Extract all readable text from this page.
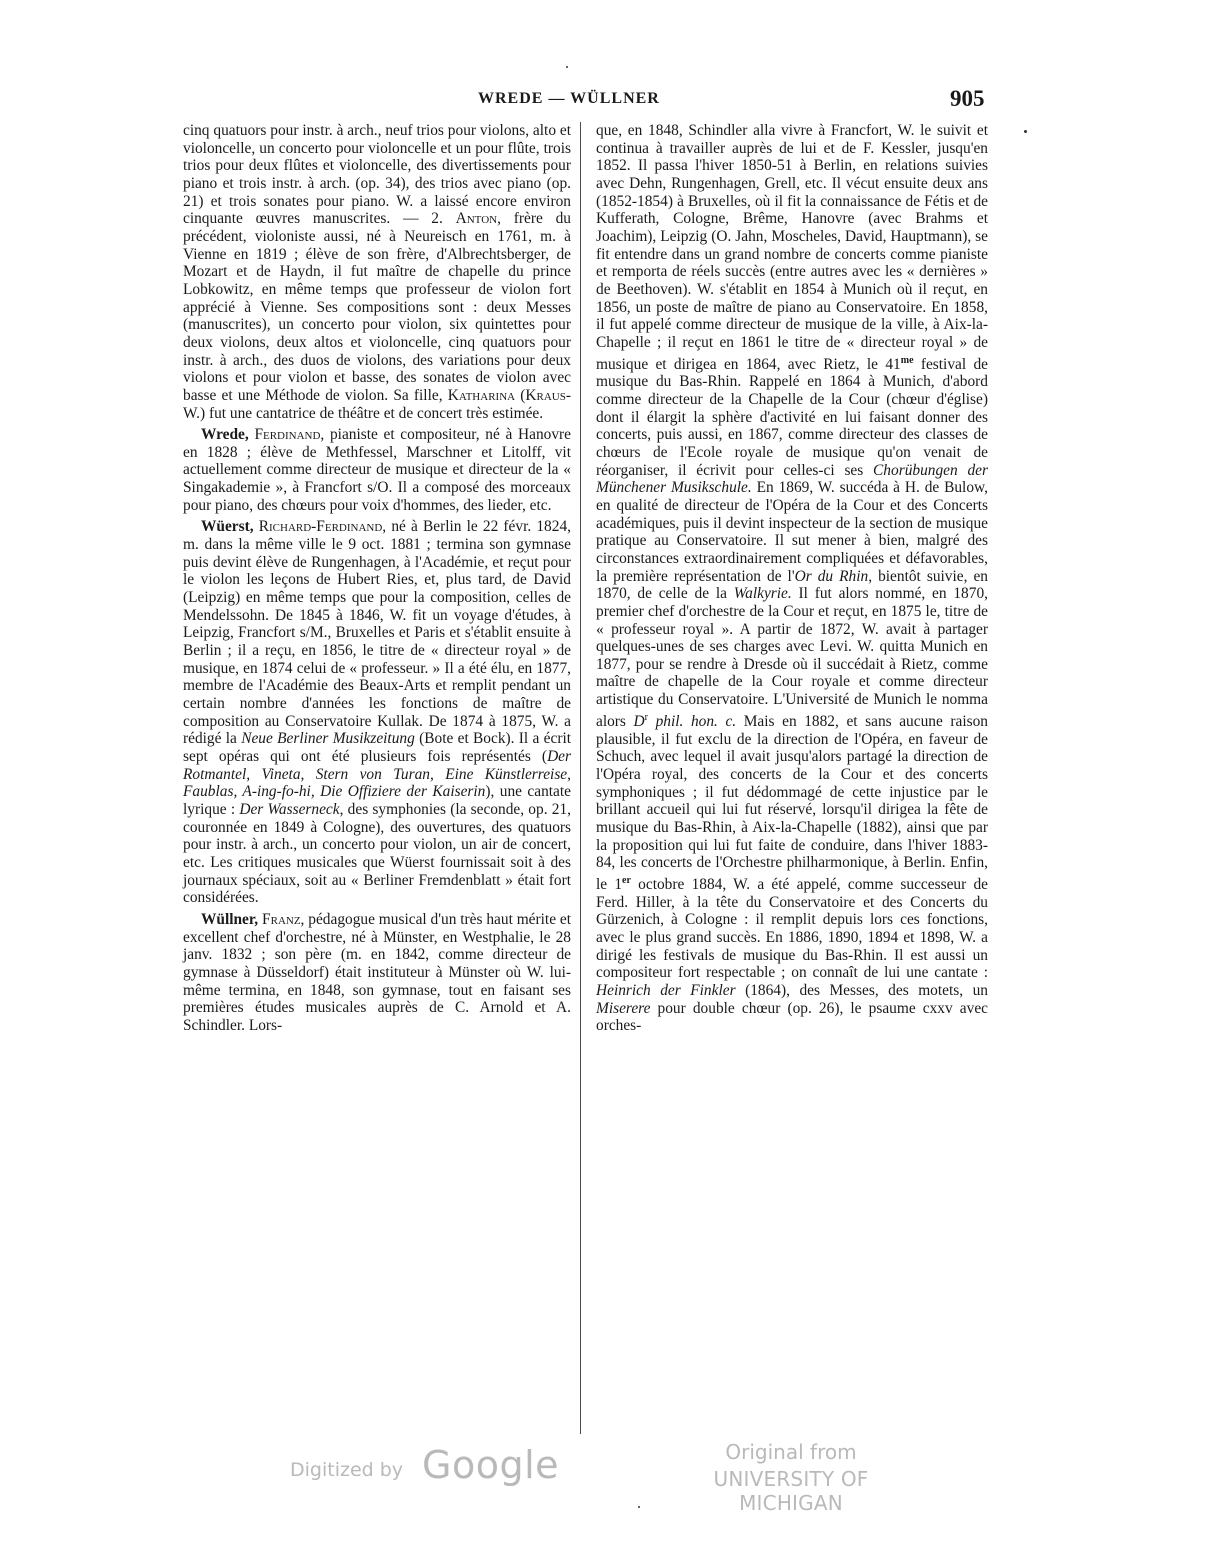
WREDE — WÜLLNER	905

cinq quatuors pour instr. à arch., neuf trios pour violons, alto et violoncelle, un concerto pour violoncelle et un pour flûte, trois trios pour deux flûtes et violoncelle, des divertissements pour piano et trois instr. à arch. (op. 34), des trios avec piano (op. 21) et trois sonates pour piano. W. a laissé encore environ cinquante œuvres manuscrites. — 2. Anton, frère du précédent, violoniste aussi, né à Neureisch en 1761, m. à Vienne en 1819 ; élève de son frère, d'Albrechtsberger, de Mozart et de Haydn, il fut maître de chapelle du prince Lobkowitz, en même temps que professeur de violon fort apprécié à Vienne. Ses compositions sont : deux Messes (manuscrites), un concerto pour violon, six quintettes pour deux violons, deux altos et violoncelle, cinq quatuors pour instr. à arch., des duos de violons, des variations pour deux violons et pour violon et basse, des sonates de violon avec basse et une Méthode de violon. Sa fille, Katharina (Kraus-W.) fut une cantatrice de théâtre et de concert très estimée.

Wrede, Ferdinand, pianiste et compositeur, né à Hanovre en 1828 ; élève de Methfessel, Marschner et Litolff, vit actuellement comme directeur de musique et directeur de la « Singakademie », à Francfort s/O. Il a composé des morceaux pour piano, des chœurs pour voix d'hommes, des lieder, etc.

Wüerst, Richard-Ferdinand, né à Berlin le 22 févr. 1824, m. dans la même ville le 9 oct. 1881 ; termina son gymnase puis devint élève de Rungenhagen, à l'Académie, et reçut pour le violon les leçons de Hubert Ries, et, plus tard, de David (Leipzig) en même temps que pour la composition, celles de Mendelssohn. De 1845 à 1846, W. fit un voyage d'études, à Leipzig, Francfort s/M., Bruxelles et Paris et s'établit ensuite à Berlin ; il a reçu, en 1856, le titre de « directeur royal » de musique, en 1874 celui de « professeur. » Il a été élu, en 1877, membre de l'Académie des Beaux-Arts et remplit pendant un certain nombre d'années les fonctions de maître de composition au Conservatoire Kullak. De 1874 à 1875, W. a rédigé la Neue Berliner Musikzeitung (Bote et Bock). Il a écrit sept opéras qui ont été plusieurs fois représentés (Der Rotmantel, Vineta, Stern von Turan, Eine Künstlerreise, Faublas, A-ing-fo-hi, Die Offiziere der Kaiserin), une cantate lyrique : Der Wasserneck, des symphonies (la seconde, op. 21, couronnée en 1849 à Cologne), des ouvertures, des quatuors pour instr. à arch., un concerto pour violon, un air de concert, etc. Les critiques musicales que Wüerst fournissait soit à des journaux spéciaux, soit au « Berliner Fremdenblatt » était fort considérées.

Wüllner, Franz, pédagogue musical d'un très haut mérite et excellent chef d'orchestre, né à Münster, en Westphalie, le 28 janv. 1832 ; son père (m. en 1842, comme directeur de gymnase à Düsseldorf) était instituteur à Münster où W. lui-même termina, en 1848, son gymnase, tout en faisant ses premières études musicales auprès de C. Arnold et A. Schindler. Lors-

que, en 1848, Schindler alla vivre à Francfort, W. le suivit et continua à travailler auprès de lui et de F. Kessler, jusqu'en 1852. Il passa l'hiver 1850-51 à Berlin, en relations suivies avec Dehn, Rungenhagen, Grell, etc. Il vécut ensuite deux ans (1852-1854) à Bruxelles, où il fit la connaissance de Fétis et de Kufferath, Cologne, Brême, Hanovre (avec Brahms et Joachim), Leipzig (O. Jahn, Moscheles, David, Hauptmann), se fit entendre dans un grand nombre de concerts comme pianiste et remporta de réels succès (entre autres avec les « dernières » de Beethoven). W. s'établit en 1854 à Munich où il reçut, en 1856, un poste de maître de piano au Conservatoire. En 1858, il fut appelé comme directeur de musique de la ville, à Aix-la-Chapelle ; il reçut en 1861 le titre de « directeur royal » de musique et dirigea en 1864, avec Rietz, le $41^{me}$ festival de musique du Bas-Rhin. Rappelé en 1864 à Munich, d'abord comme directeur de la Chapelle de la Cour (chœur d'église) dont il élargit la sphère d'activité en lui faisant donner des concerts, puis aussi, en 1867, comme directeur des classes de chœurs de l'Ecole royale de musique qu'on venait de réorganiser, il écrivit pour celles-ci ses Chorübungen der Münchener Musikschule. En 1869, W. succéda à H. de Bulow, en qualité de directeur de l'Opéra de la Cour et des Concerts académiques, puis il devint inspecteur de la section de musique pratique au Conservatoire. Il sut mener à bien, malgré des circonstances extraordinairement compliquées et défavorables, la première représentation de l'Or du Rhin, bientôt suivie, en 1870, de celle de la Walkyrie. Il fut alors nommé, en 1870, premier chef d'orchestre de la Cour et reçut, en 1875 le, titre de « professeur royal ». A partir de 1872, W. avait à partager quelques-unes de ses charges avec Levi. W. quitta Munich en 1877, pour se rendre à Dresde où il succédait à Rietz, comme maître de chapelle de la Cour royale et comme directeur artistique du Conservatoire. L'Université de Munich le nomma alors $D^r$ phil. hon. c. Mais en 1882, et sans aucune raison plausible, il fut exclu de la direction de l'Opéra, en faveur de Schuch, avec lequel il avait jusqu'alors partagé la direction de l'Opéra royal, des concerts de la Cour et des concerts symphoniques ; il fut dédommagé de cette injustice par le brillant accueil qui lui fut réservé, lorsqu'il dirigea la fête de musique du Bas-Rhin, à Aix-la-Chapelle (1882), ainsi que par la proposition qui lui fut faite de conduire, dans l'hiver 1883-84, les concerts de l'Orchestre philharmonique, à Berlin. Enfin, le 1er octobre 1884, W. a été appelé, comme successeur de Ferd. Hiller, à la tête du Conservatoire et des Concerts du Gürzenich, à Cologne : il remplit depuis lors ces fonctions, avec le plus grand succès. En 1886, 1890, 1894 et 1898, W. a dirigé les festivals de musique du Bas-Rhin. Il est aussi un compositeur fort respectable ; on connaît de lui une cantate : Heinrich der Finkler (1864), des Messes, des motets, un Miserere pour double chœur (op. 26), le psaume cxxv avec orches-

Digitized by Google	Original from
UNIVERSITY OF MICHIGAN
